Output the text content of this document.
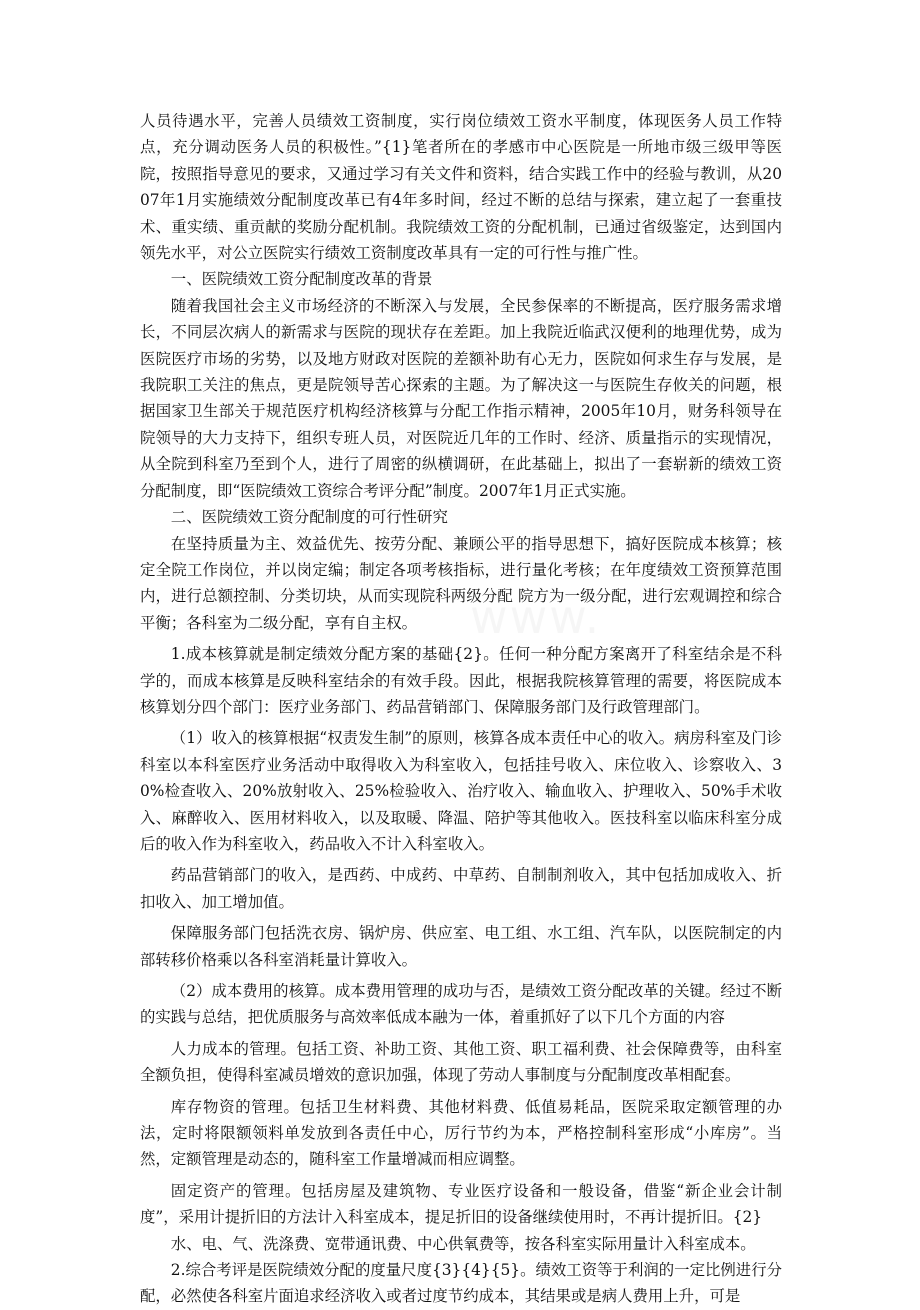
人员待遇水平，完善人员绩效工资制度，实行岗位绩效工资水平制度，体现医务人员工作特点，充分调动医务人员的积极性。”{1}笔者所在的孝感市中心医院是一所地市级三级甲等医院，按照指导意见的要求，又通过学习有关文件和资料，结合实践工作中的经验与教训，从2007年1月实施绩效分配制度改革已有4年多时间，经过不断的总结与探索，建立起了一套重技术、重实绩、重贡献的奖励分配机制。我院绩效工资的分配机制，已通过省级鉴定，达到国内领先水平，对公立医院实行绩效工资制度改革具有一定的可行性与推广性。

一、医院绩效工资分配制度改革的背景

随着我国社会主义市场经济的不断深入与发展，全民参保率的不断提高，医疗服务需求增长，不同层次病人的新需求与医院的现状存在差距。加上我院近临武汉便利的地理优势，成为医院医疗市场的劣势，以及地方财政对医院的差额补助有心无力，医院如何求生存与发展，是我院职工关注的焦点，更是院领导苦心探索的主题。为了解决这一与医院生存攸关的问题，根据国家卫生部关于规范医疗机构经济核算与分配工作指示精神，2005年10月，财务科领导在院领导的大力支持下，组织专班人员，对医院近几年的工作时、经济、质量指示的实现情况，从全院到科室乃至到个人，进行了周密的纵横调研，在此基础上，拟出了一套崭新的绩效工资分配制度，即“医院绩效工资综合考评分配”制度。2007年1月正式实施。

二、医院绩效工资分配制度的可行性研究

在坚持质量为主、效益优先、按劳分配、兼顾公平的指导思想下，搞好医院成本核算；核定全院工作岗位，并以岗定编；制定各项考核指标，进行量化考核；在年度绩效工资预算范围内，进行总额控制、分类切块，从而实现院科两级分配 院方为一级分配，进行宏观调控和综合平衡；各科室为二级分配，享有自主权。

1.成本核算就是制定绩效分配方案的基础{2}。任何一种分配方案离开了科室结余是不科学的，而成本核算是反映科室结余的有效手段。因此，根据我院核算管理的需要，将医院成本核算划分四个部门：医疗业务部门、药品营销部门、保障服务部门及行政管理部门。

（1）收入的核算根据“权责发生制”的原则，核算各成本责任中心的收入。病房科室及门诊科室以本科室医疗业务活动中取得收入为科室收入，包括挂号收入、床位收入、诊察收入、30%检查收入、20%放射收入、25%检验收入、治疗收入、输血收入、护理收入、50%手术收入、麻醉收入、医用材料收入，以及取暖、降温、陪护等其他收入。医技科室以临床科室分成后的收入作为科室收入，药品收入不计入科室收入。

药品营销部门的收入，是西药、中成药、中草药、自制制剂收入，其中包括加成收入、折扣收入、加工增加值。

保障服务部门包括洗衣房、锅炉房、供应室、电工组、水工组、汽车队，以医院制定的内部转移价格乘以各科室消耗量计算收入。

（2）成本费用的核算。成本费用管理的成功与否，是绩效工资分配改革的关键。经过不断的实践与总结，把优质服务与高效率低成本融为一体，着重抓好了以下几个方面的内容

人力成本的管理。包括工资、补助工资、其他工资、职工福利费、社会保障费等，由科室全额负担，使得科室减员增效的意识加强，体现了劳动人事制度与分配制度改革相配套。

库存物资的管理。包括卫生材料费、其他材料费、低值易耗品，医院采取定额管理的办法，定时将限额领料单发放到各责任中心，厉行节约为本，严格控制科室形成“小库房”。当然，定额管理是动态的，随科室工作量增减而相应调整。

固定资产的管理。包括房屋及建筑物、专业医疗设备和一般设备，借鉴“新企业会计制度”，采用计提折旧的方法计入科室成本，提足折旧的设备继续使用时，不再计提折旧。{2}

水、电、气、洗涤费、宽带通讯费、中心供氧费等，按各科室实际用量计入科室成本。

2.综合考评是医院绩效分配的度量尺度{3}{4}{5}。绩效工资等于利润的一定比例进行分配，必然使各科室片面追求经济收入或者过度节约成本，其结果或是病人费用上升，可是
